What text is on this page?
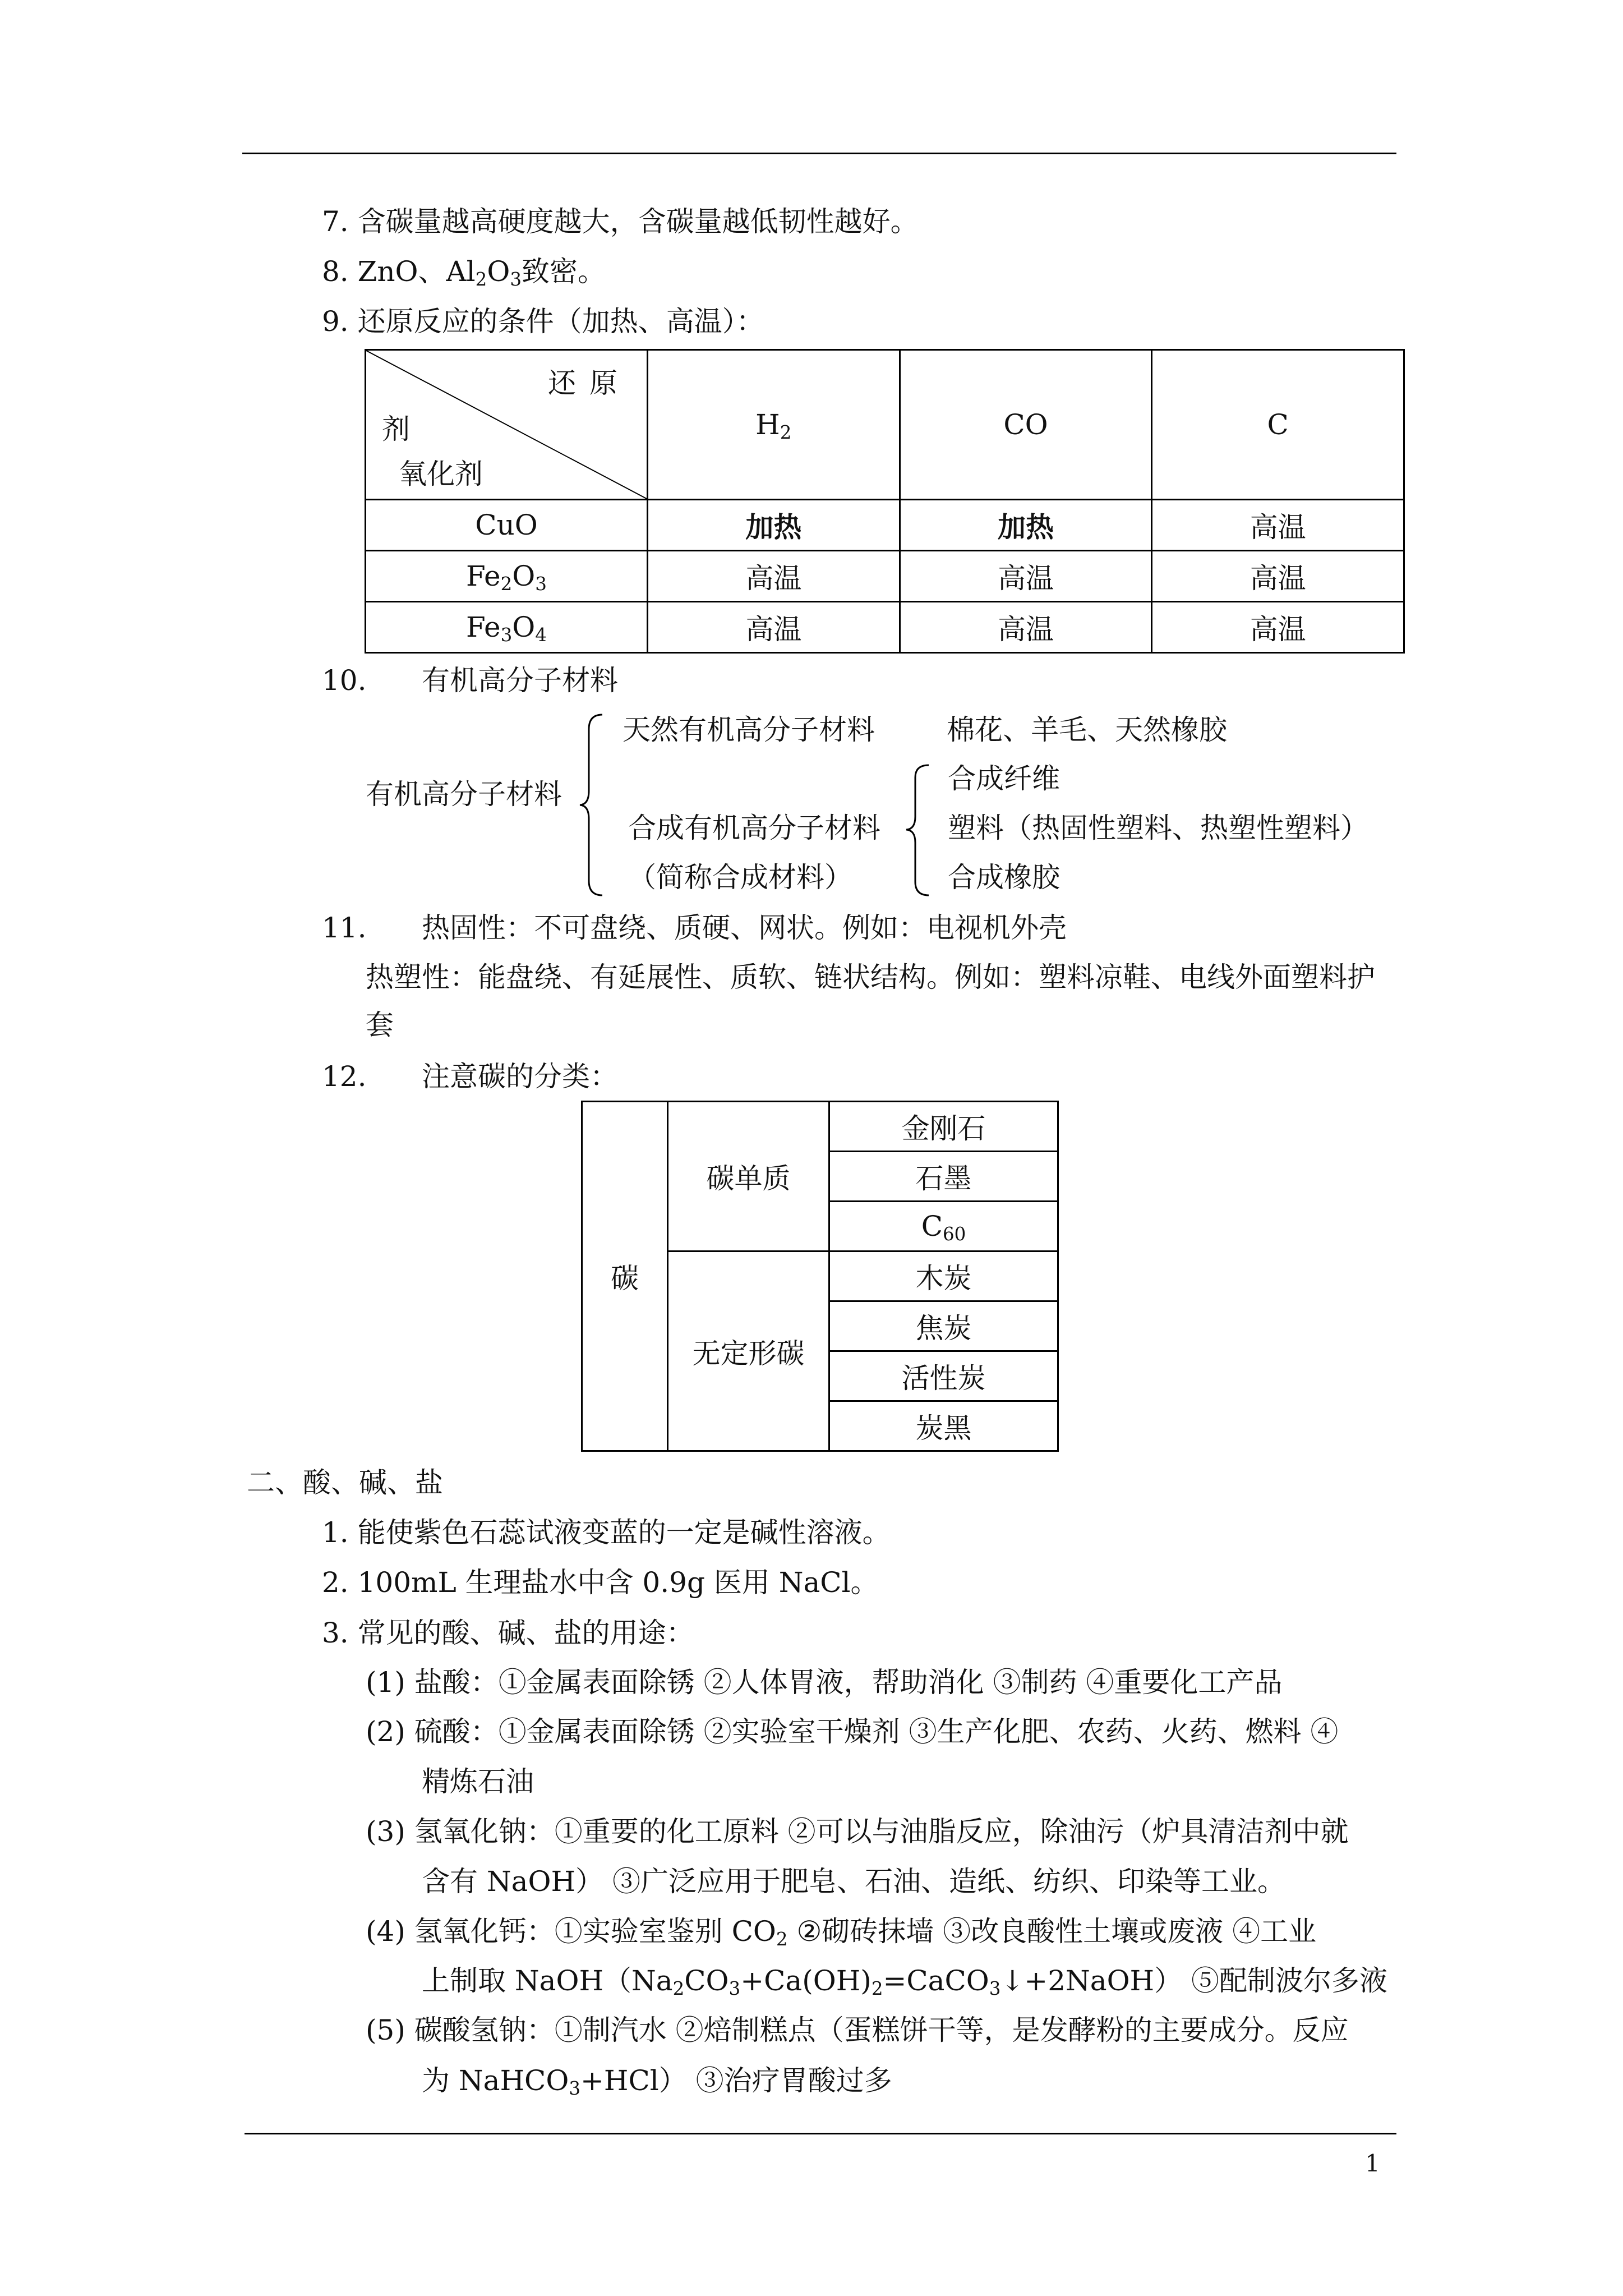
7. 含碳量越高硬度越大，含碳量越低韧性越好。
8. ZnO、$Al_2O_3$致密。
9. 还原反应的条件（加热、高温）：
还原
剂
氧化剂	$H_2$	CO	C
CuO	加热	加热	高温
$Fe_2O_3$	高温	高温	高温
$Fe_3O_4$	高温	高温	高温
10. 有机高分子材料
有机高分子材料
天然有机高分子材料	棉花、羊毛、天然橡胶
合成有机高分子材料
（简称合成材料）
合成纤维
塑料（热固性塑料、热塑性塑料）
合成橡胶
11. 热固性：不可盘绕、质硬、网状。例如：电视机外壳
热塑性：能盘绕、有延展性、质软、链状结构。例如：塑料凉鞋、电线外面塑料护
套
12. 注意碳的分类：
碳	碳单质	金刚石
		石墨
		$C_{60}$
	无定形碳	木炭
		焦炭
		活性炭
		炭黑
二、酸、碱、盐
1. 能使紫色石蕊试液变蓝的一定是碱性溶液。
2. 100mL 生理盐水中含 0.9g 医用 NaCl。
3. 常见的酸、碱、盐的用途：
(1) 盐酸：①金属表面除锈 ②人体胃液，帮助消化 ③制药 ④重要化工产品
(2) 硫酸：①金属表面除锈 ②实验室干燥剂 ③生产化肥、农药、火药、燃料 ④
精炼石油
(3) 氢氧化钠：①重要的化工原料 ②可以与油脂反应，除油污（炉具清洁剂中就
含有 NaOH） ③广泛应用于肥皂、石油、造纸、纺织、印染等工业。
(4) 氢氧化钙：①实验室鉴别 $CO_2$ ②砌砖抹墙 ③改良酸性土壤或废液 ④工业
上制取 $NaOH(Na_2CO_3+Ca(OH)_2=CaCO_3↓+2NaOH)$ ⑤配制波尔多液
(5) 碳酸氢钠：①制汽水 ②焙制糕点（蛋糕饼干等，是发酵粉的主要成分。反应
为 NaHCO$_3$+HCl） ③治疗胃酸过多
1
